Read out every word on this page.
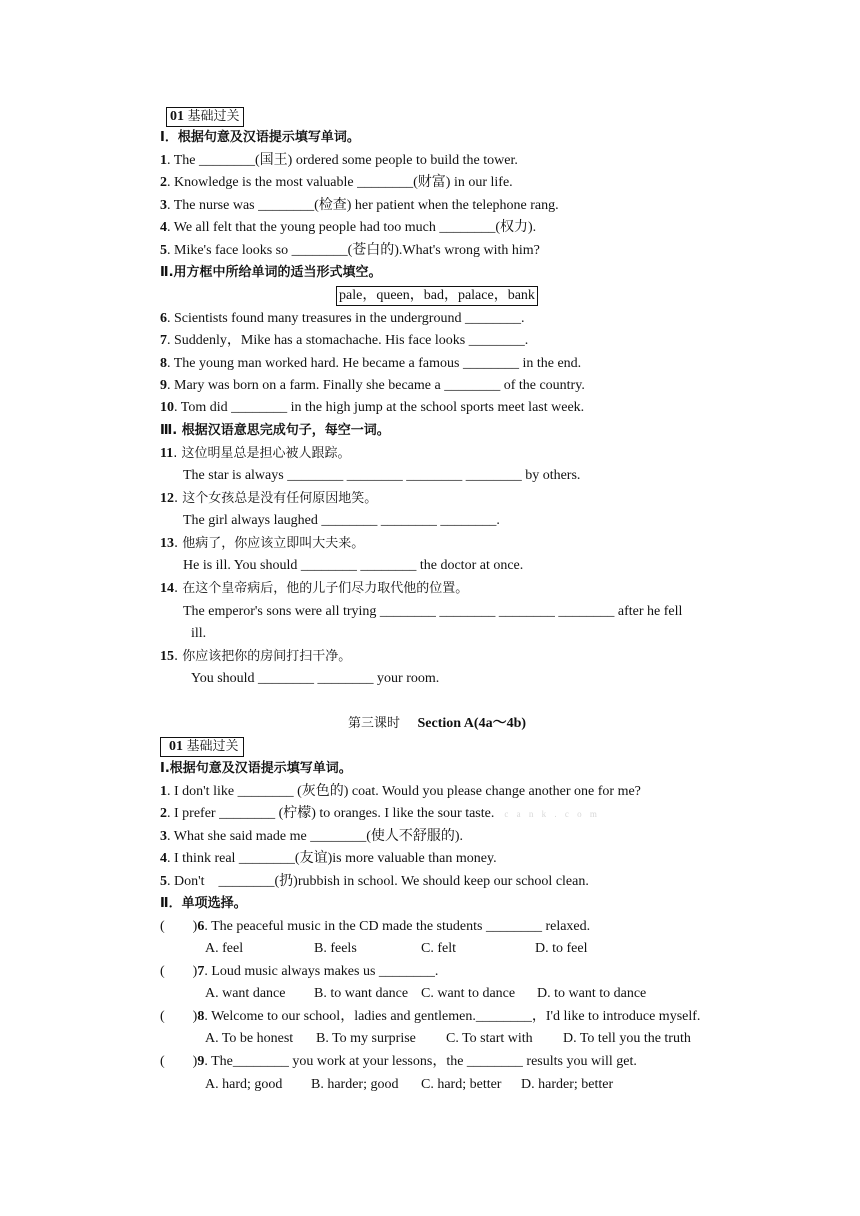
01 基础过关
Ⅰ．根据句意及汉语提示填写单词。
1. The ________(国王) ordered some people to build the tower.
2. Knowledge is the most valuable ________(财富) in our life.
3. The nurse was ________(检查) her patient when the telephone rang.
4. We all felt that the young people had too much ________(权力).
5. Mike's face looks so ________(苍白的).What's wrong with him?
Ⅱ.用方框中所给单词的适当形式填空。
pale，queen，bad，palace，bank
6. Scientists found many treasures in the underground ________.
7. Suddenly，Mike has a stomachache. His face looks ________.
8. The young man worked hard. He became a famous ________ in the end.
9. Mary was born on a farm. Finally she became a ________ of the country.
10. Tom did ________ in the high jump at the school sports meet last week.
Ⅲ. 根据汉语意思完成句子，每空一词。
11. 这位明星总是担心被人跟踪。
The star is always ________ ________ ________ ________ by others.
12. 这个女孩总是没有任何原因地笑。
The girl always laughed ________ ________ ________.
13. 他病了，你应该立即叫大夫来。
He is ill. You should ________ ________ the doctor at once.
14. 在这个皇帝病后，他的儿子们尽力取代他的位置。
The emperor's sons were all trying ________ ________ ________ ________ after he fell
ill.
15. 你应该把你的房间打扫干净。
You should ________ ________ your room.
第三课时 Section A(4a～4b)
01 基础过关
Ⅰ.根据句意及汉语提示填写单词。
1. I don't like ________ (灰色的) coat. Would you please change another one for me?
2. I prefer ________ (柠檬) to oranges. I like the sour taste. c a n k . c o m
3. What she said made me ________(使人不舒服的).
4. I think real ________(友谊)is more valuable than money.
5. Don't　________(扔)rubbish in school. We should keep our school clean.
Ⅱ．单项选择。
(　　)6. The peaceful music in the CD made the students ________ relaxed.
A. feel	B. feels	C. felt	D. to feel
(　　)7. Loud music always makes us ________.
A. want dance B. to want dance C. want to dance D. to want to dance
(　　)8. Welcome to our school，ladies and gentlemen.________，I'd like to introduce myself.
A. To be honest B. To my surprise C. To start with D. To tell you the truth
(　　)9. The________ you work at your lessons，the ________ results you will get.
A. hard; good B. harder; good C. hard; better D. harder; better
